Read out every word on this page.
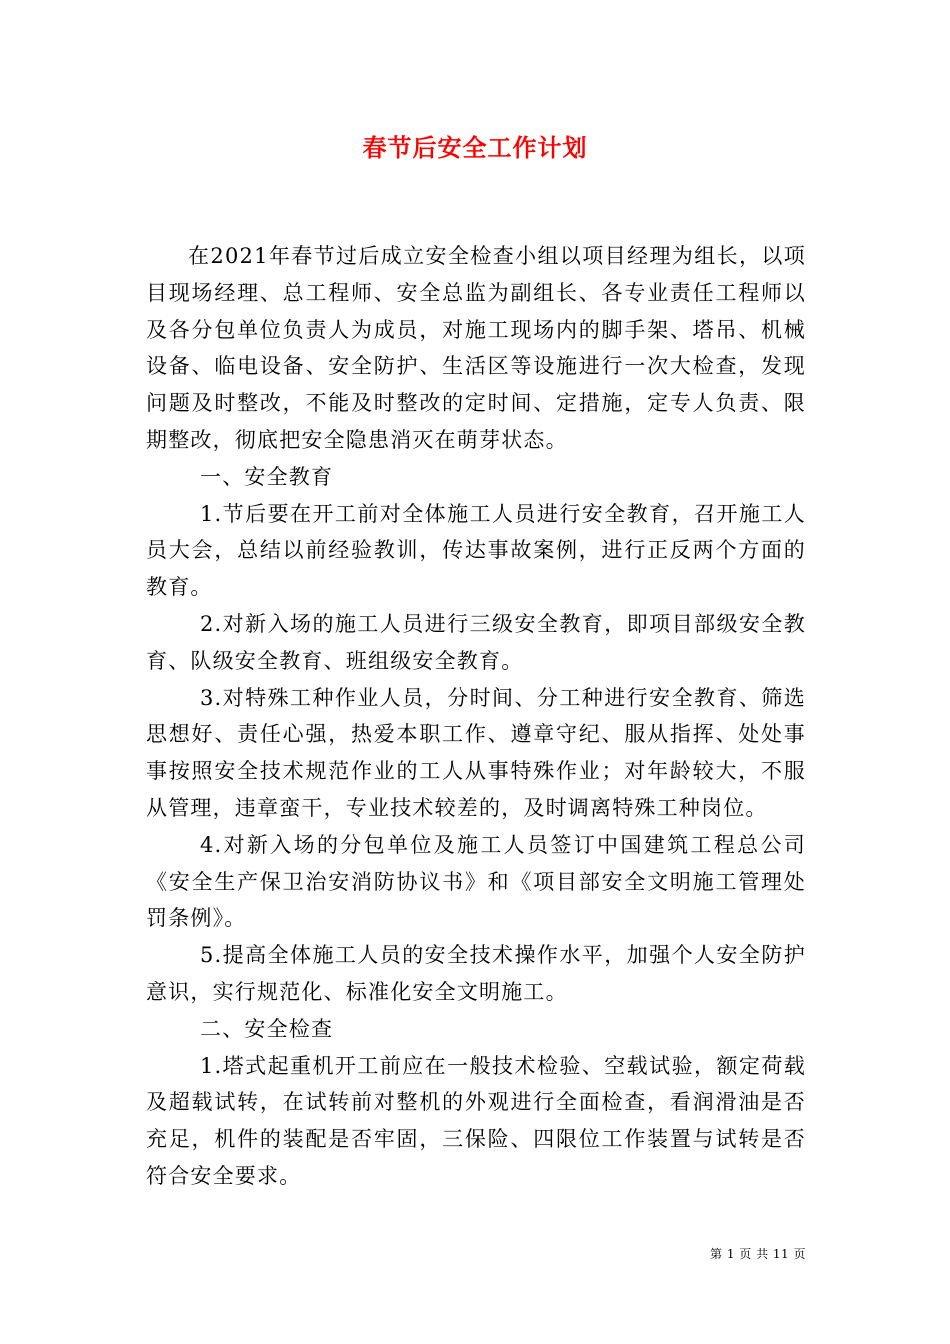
春节后安全工作计划

在2021年春节过后成立安全检查小组以项目经理为组长，以项目现场经理、总工程师、安全总监为副组长、各专业责任工程师以及各分包单位负责人为成员，对施工现场内的脚手架、塔吊、机械设备、临电设备、安全防护、生活区等设施进行一次大检查，发现问题及时整改，不能及时整改的定时间、定措施，定专人负责、限期整改，彻底把安全隐患消灭在萌芽状态。

一、安全教育

1.节后要在开工前对全体施工人员进行安全教育，召开施工人员大会，总结以前经验教训，传达事故案例，进行正反两个方面的教育。

2.对新入场的施工人员进行三级安全教育，即项目部级安全教育、队级安全教育、班组级安全教育。

3.对特殊工种作业人员，分时间、分工种进行安全教育、筛选思想好、责任心强，热爱本职工作、遵章守纪、服从指挥、处处事事按照安全技术规范作业的工人从事特殊作业；对年龄较大，不服从管理，违章蛮干，专业技术较差的，及时调离特殊工种岗位。

4.对新入场的分包单位及施工人员签订中国建筑工程总公司《安全生产保卫治安消防协议书》和《项目部安全文明施工管理处罚条例》。

5.提高全体施工人员的安全技术操作水平，加强个人安全防护意识，实行规范化、标准化安全文明施工。

二、安全检查

1.塔式起重机开工前应在一般技术检验、空载试验，额定荷载及超载试转，在试转前对整机的外观进行全面检查，看润滑油是否充足，机件的装配是否牢固，三保险、四限位工作装置与试转是否符合安全要求。

第 1 页 共 11 页
